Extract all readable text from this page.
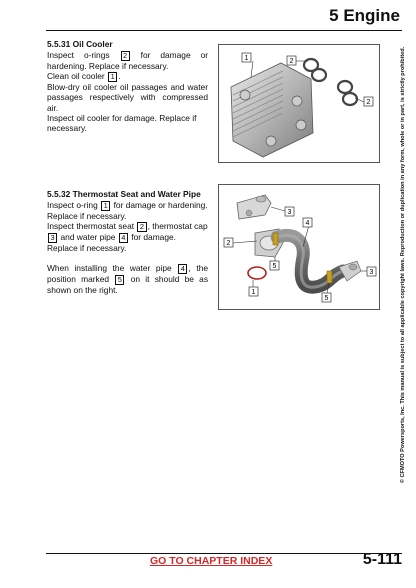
5 Engine
5.5.31 Oil Cooler

Inspect o-rings 2 for damage or hardening. Replace if necessary.

Clean oil cooler 1 .

Blow-dry oil cooler oil passages and water passages respectively with compressed air.

Inspect oil cooler for damage. Replace if necessary.

1	2
2
5.5.32 Thermostat Seat and Water Pipe

Inspect o-ring 1 for damage or hardening. Replace if necessary.

Inspect thermostat seat 2 , thermostat cap 3 and water pipe 4 for damage. Replace if necessary.

When installing the water pipe 4 , the position marked 5 on it should be as shown on the right.

3
4
2
5
3
1
5	© CFMOTO Powersports, Inc. This manual is subject to all applicable copyright laws. Reproduction or duplication in any form, whole or in part, is strictly prohibited.
GO TO CHAPTER INDEX	5-111
